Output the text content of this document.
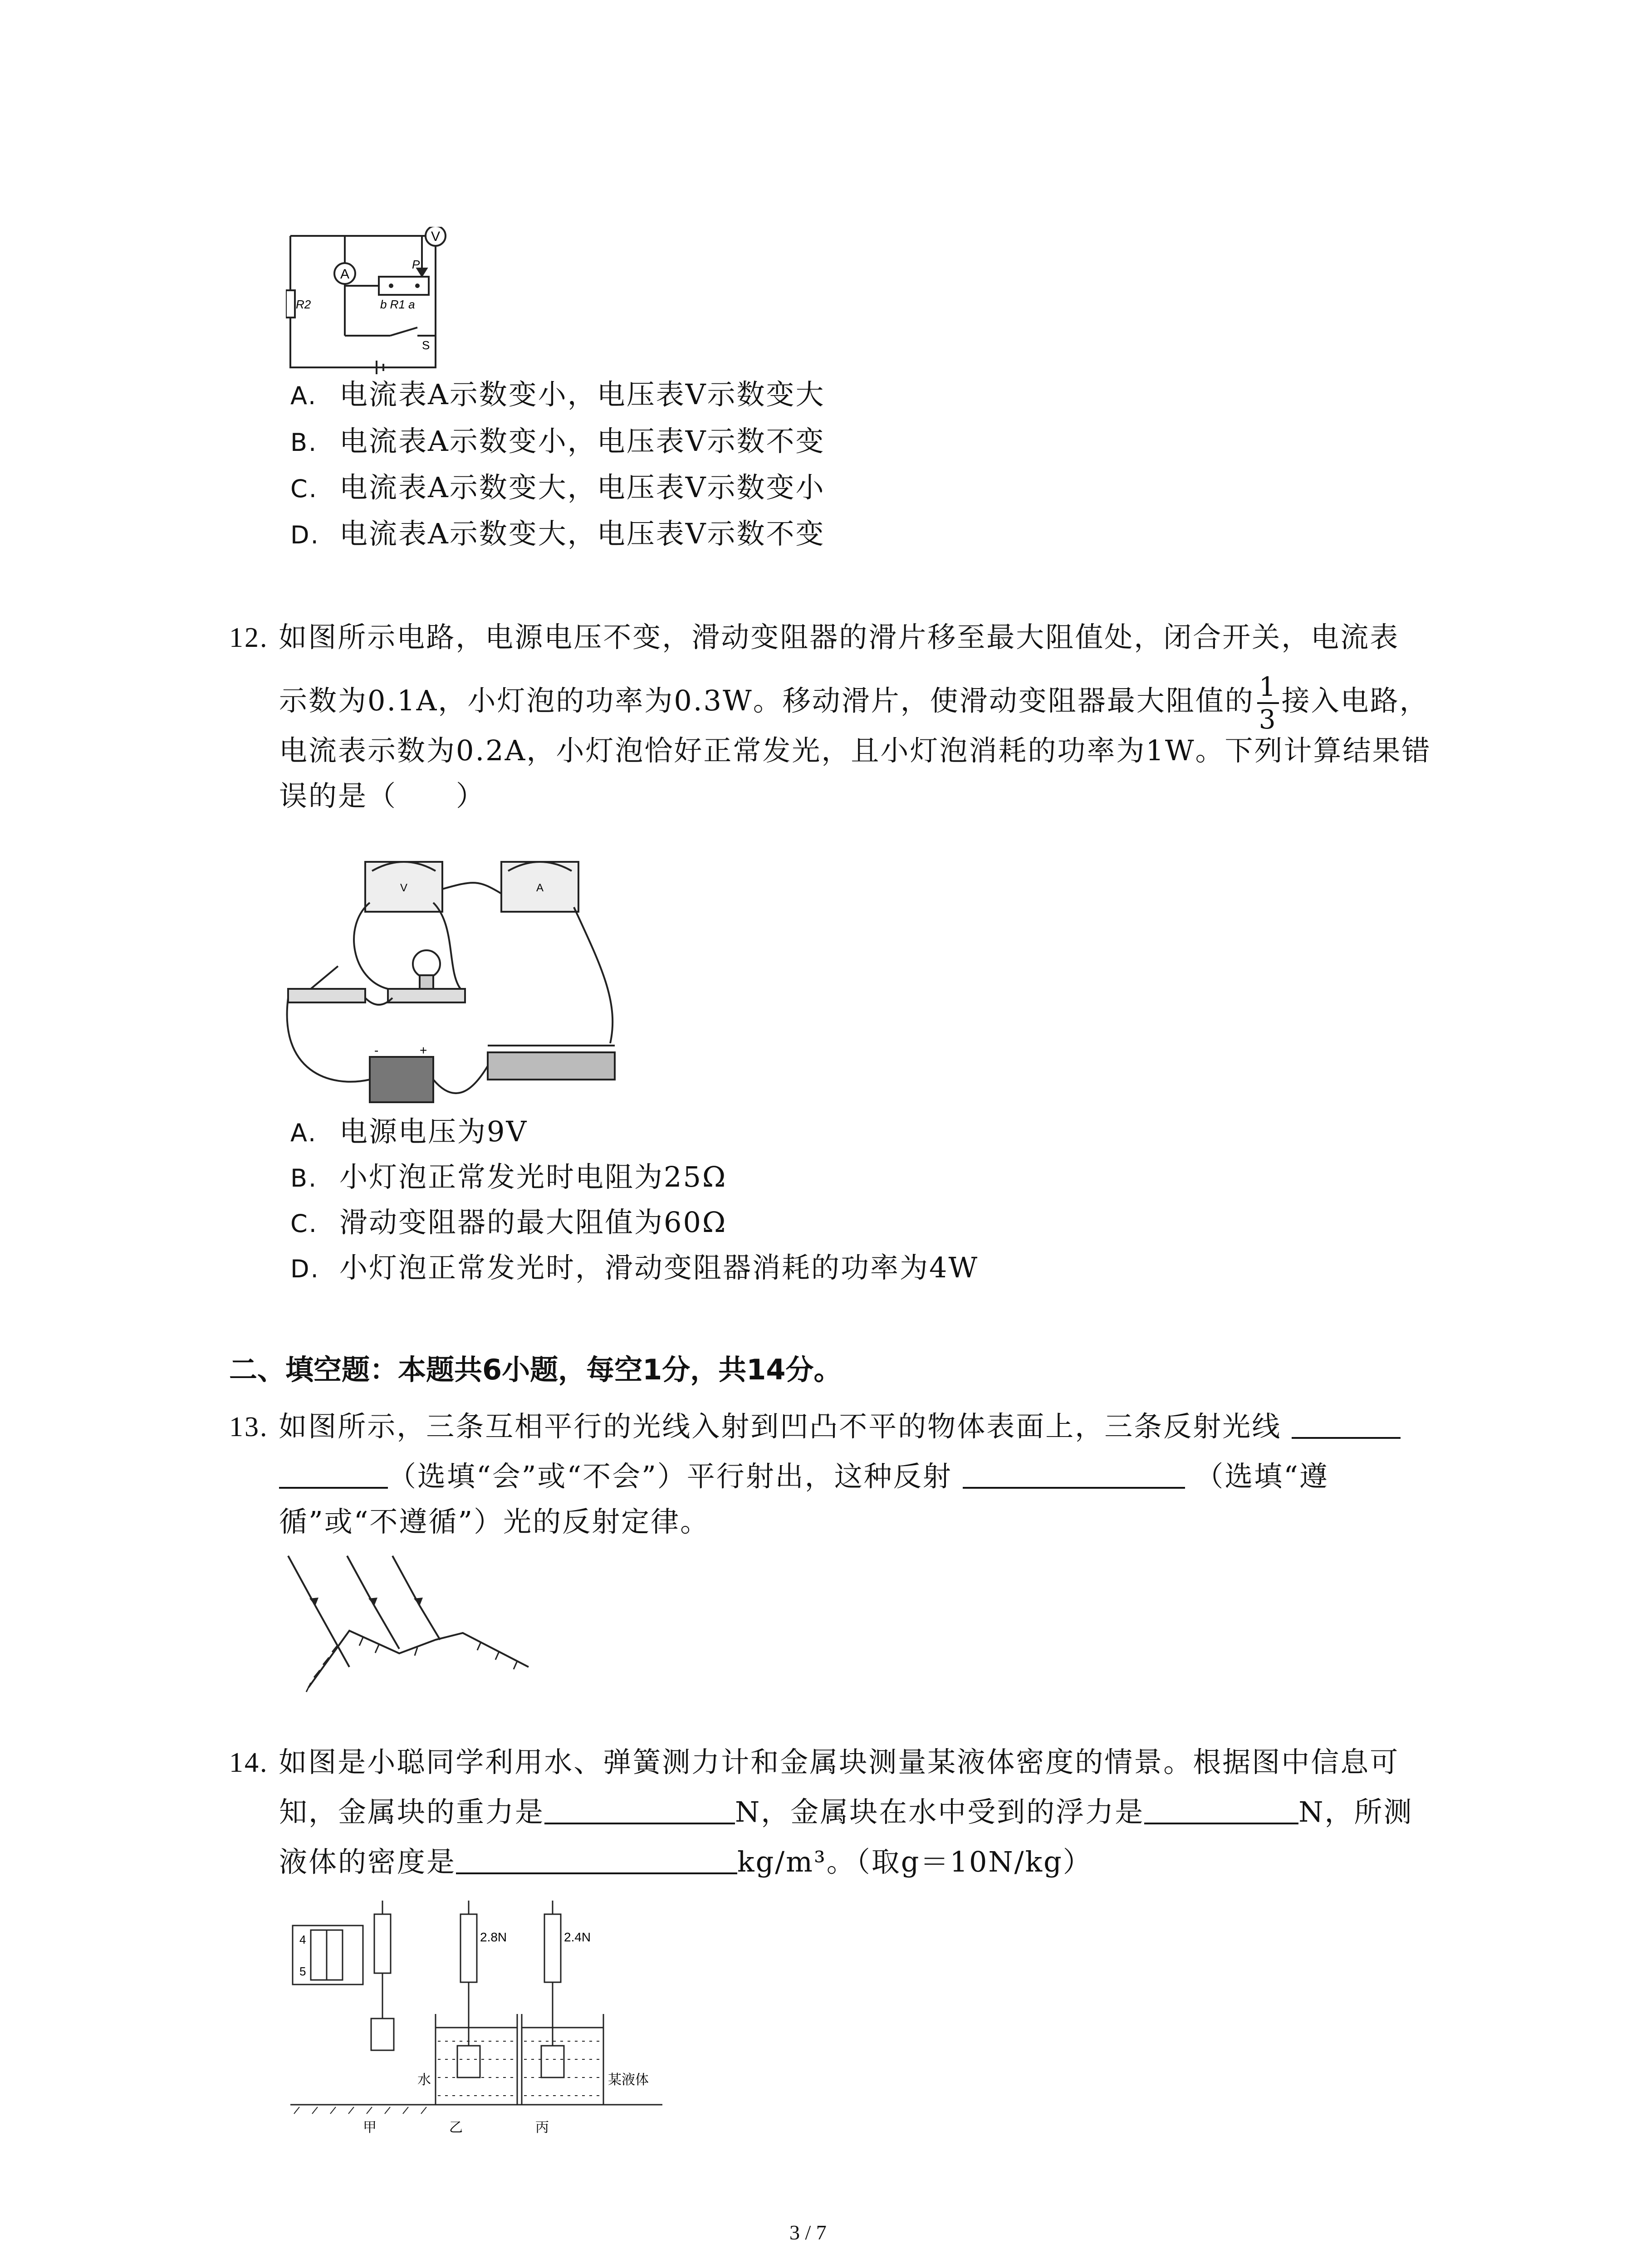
A
V
P
R2	b R1 a
S
A. 电流表A示数变小，电压表V示数变大
B. 电流表A示数变小，电压表V示数不变
C. 电流表A示数变大，电压表V示数变小
D. 电流表A示数变大，电压表V示数不变
12. 如图所示电路，电源电压不变，滑动变阻器的滑片移至最大阻值处，闭合开关，电流表
示数为0.1A，小灯泡的功率为0.3W。移动滑片，使滑动变阻器最大阻值的 $\frac{1}{3}$ 接入电路，
电流表示数为0.2A，小灯泡恰好正常发光，且小灯泡消耗的功率为1W。下列计算结果错
误的是（　　）
V	A
-	+
A. 电源电压为9V
B. 小灯泡正常发光时电阻为25Ω
C. 滑动变阻器的最大阻值为60Ω
D. 小灯泡正常发光时，滑动变阻器消耗的功率为4W
二、填空题：本题共6小题，每空1分，共14分。
13. 如图所示，三条互相平行的光线入射到凹凸不平的物体表面上，三条反射光线
（选填“会”或“不会”）平行射出，这种反射	（选填“遵
循”或“不遵循”）光的反射定律。
14. 如图是小聪同学利用水、弹簧测力计和金属块测量某液体密度的情景。根据图中信息可
知，金属块的重力是	N，金属块在水中受到的浮力是	N，所测
液体的密度是	kg/m³。（取g＝10N/kg）
4
5
2.8N	2.4N
水	某液体
甲	乙	丙
3 / 7
